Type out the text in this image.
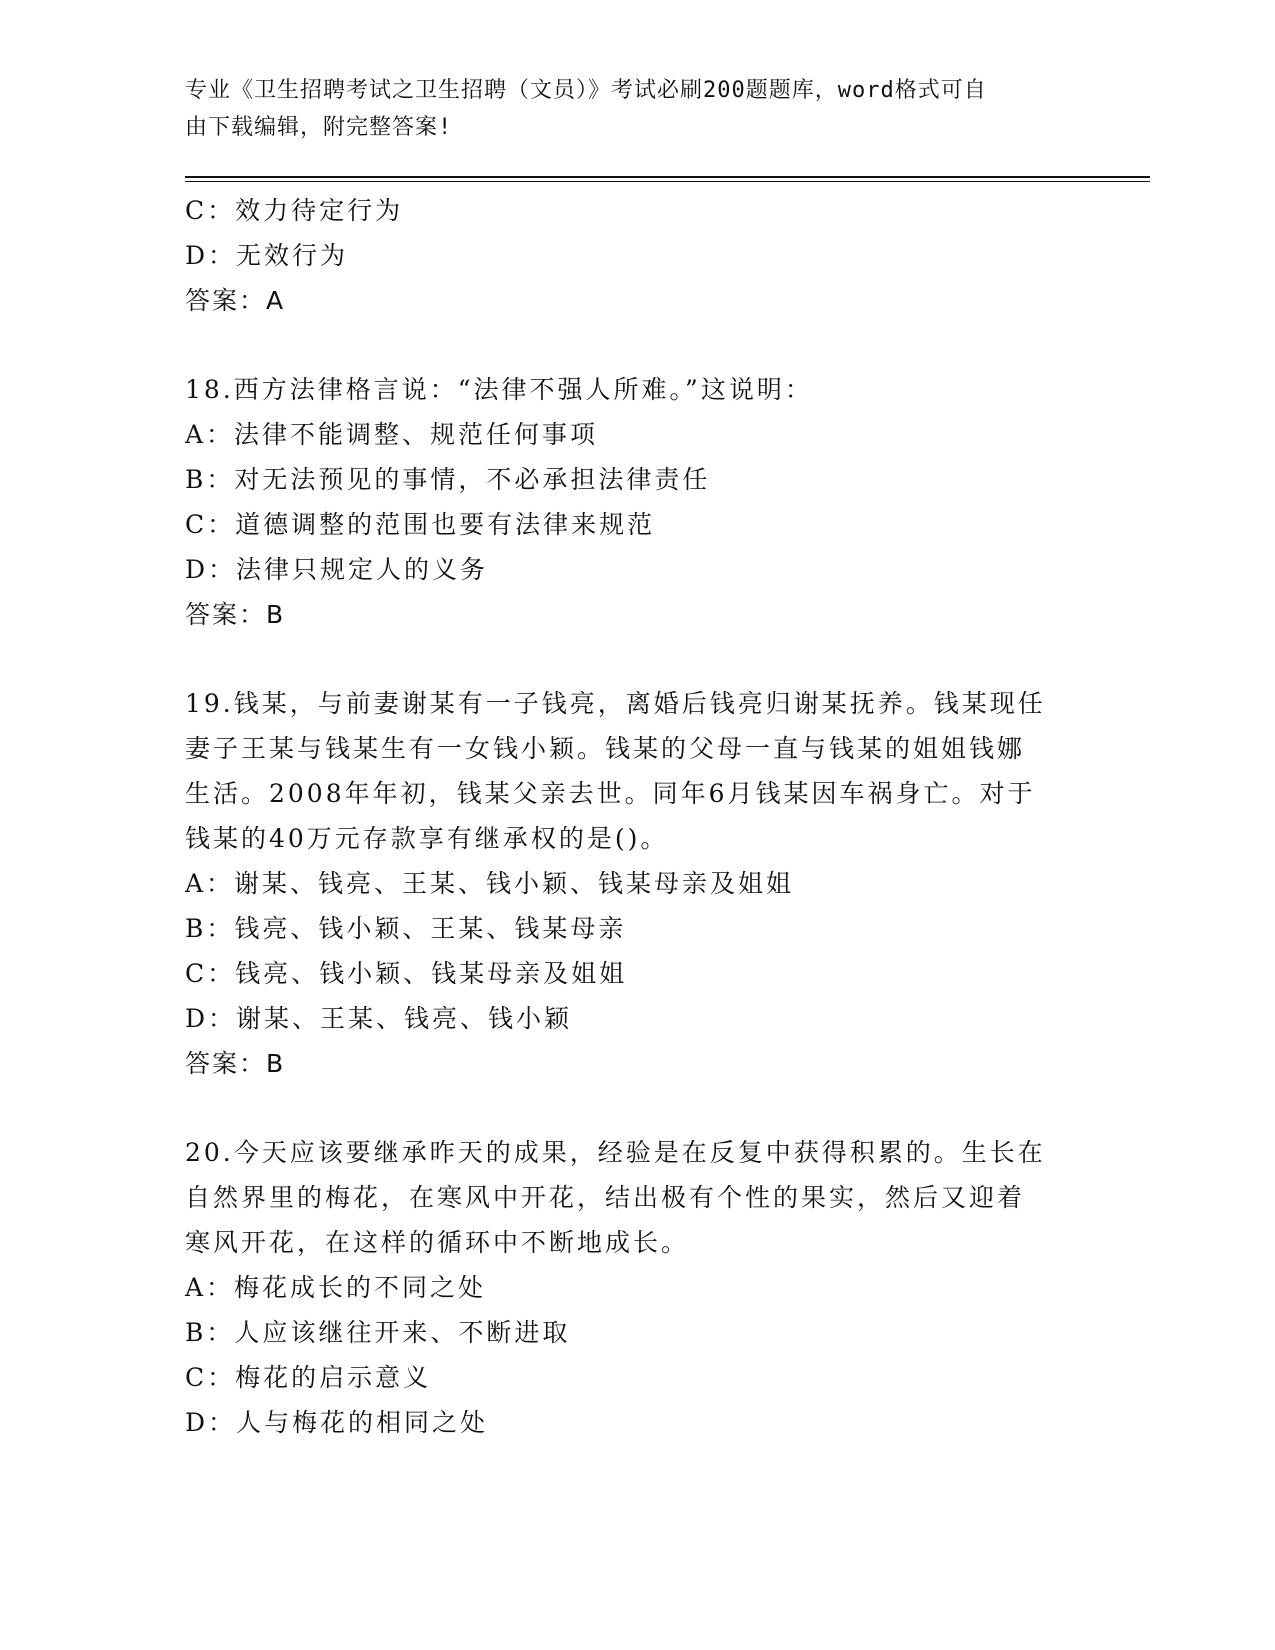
专业《卫生招聘考试之卫生招聘（文员）》考试必刷200题题库，word格式可自
由下载编辑，附完整答案!
C：效力待定行为
D：无效行为
答案：A
18.西方法律格言说：“法律不强人所难。”这说明：
A：法律不能调整、规范任何事项
B：对无法预见的事情，不必承担法律责任
C：道德调整的范围也要有法律来规范
D：法律只规定人的义务
答案：B
19.钱某，与前妻谢某有一子钱亮，离婚后钱亮归谢某抚养。钱某现任
妻子王某与钱某生有一女钱小颖。钱某的父母一直与钱某的姐姐钱娜
生活。2008年年初，钱某父亲去世。同年6月钱某因车祸身亡。对于
钱某的40万元存款享有继承权的是()。
A：谢某、钱亮、王某、钱小颖、钱某母亲及姐姐
B：钱亮、钱小颖、王某、钱某母亲
C：钱亮、钱小颖、钱某母亲及姐姐
D：谢某、王某、钱亮、钱小颖
答案：B
20.今天应该要继承昨天的成果，经验是在反复中获得积累的。生长在
自然界里的梅花，在寒风中开花，结出极有个性的果实，然后又迎着
寒风开花，在这样的循环中不断地成长。
A：梅花成长的不同之处
B：人应该继往开来、不断进取
C：梅花的启示意义
D：人与梅花的相同之处
